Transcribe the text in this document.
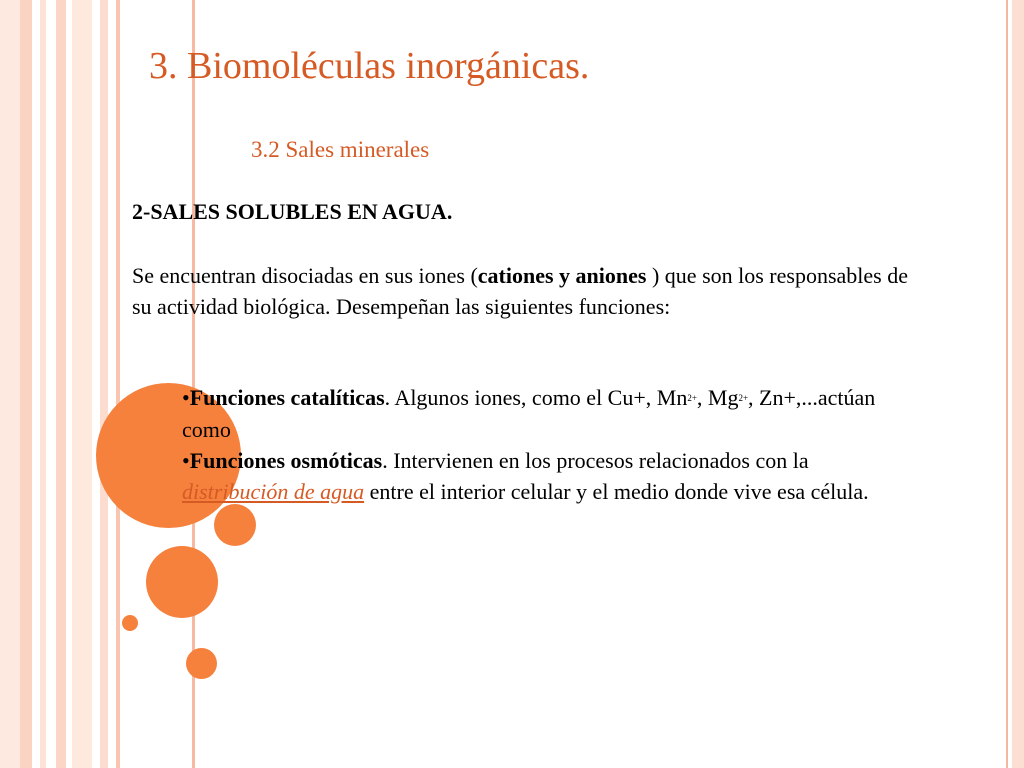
3. Biomoléculas inorgánicas.
3.2 Sales minerales
2-SALES SOLUBLES EN AGUA.

Se encuentran disociadas en sus iones (cationes y aniones ) que son los responsables de su actividad biológica. Desempeñan las siguientes funciones:

•Funciones catalíticas. Algunos iones, como el Cu+, $Mn^{2+}$, $Mg^{2+}$, Zn+,...actúan como

•Funciones osmóticas. Intervienen en los procesos relacionados con la distribución de agua entre el interior celular y el medio donde vive esa célula.
